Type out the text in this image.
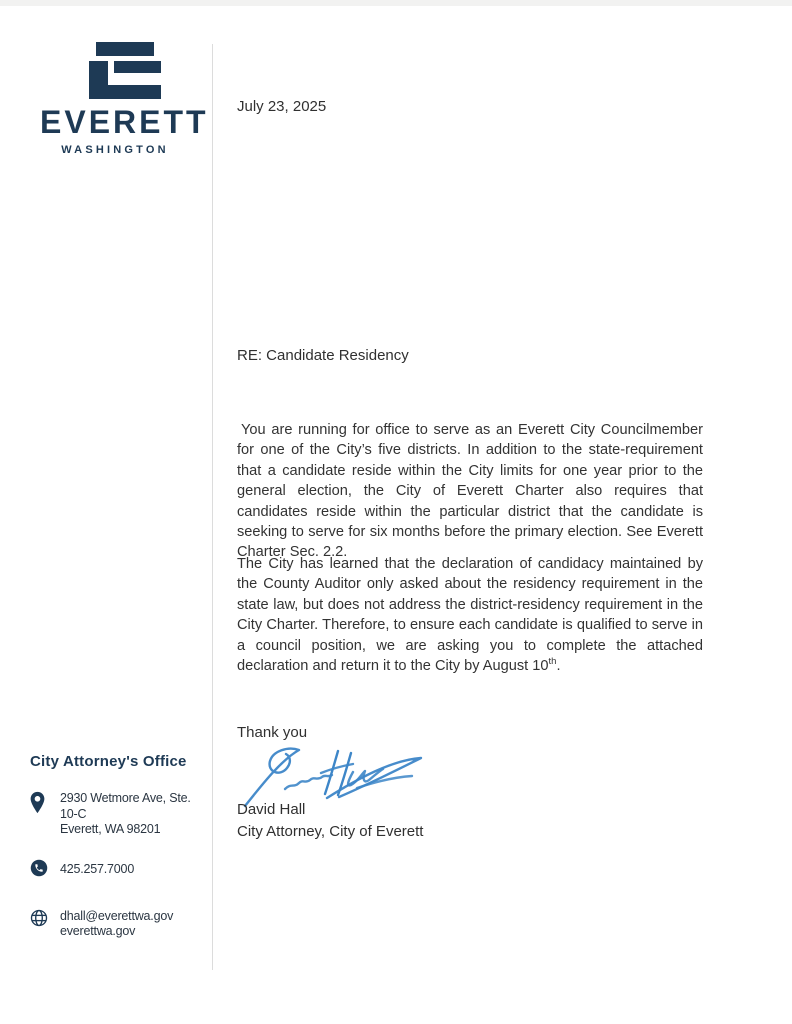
EVERETT
WASHINGTON
July 23, 2025
RE: Candidate Residency
You are running for office to serve as an Everett City Councilmember for one of the City’s five districts. In addition to the state-requirement that a candidate reside within the City limits for one year prior to the general election, the City of Everett Charter also requires that candidates reside within the particular district that the candidate is seeking to serve for six months before the primary election. See Everett Charter Sec. 2.2.
The City has learned that the declaration of candidacy maintained by the County Auditor only asked about the residency requirement in the state law, but does not address the district-residency requirement in the City Charter. Therefore, to ensure each candidate is qualified to serve in a council position, we are asking you to complete the attached declaration and return it to the City by August 10th.
Thank you
David Hall
City Attorney, City of Everett
City Attorney's Office
2930 Wetmore Ave, Ste. 10-C
Everett, WA 98201
425.257.7000
dhall@everettwa.gov
everettwa.gov
